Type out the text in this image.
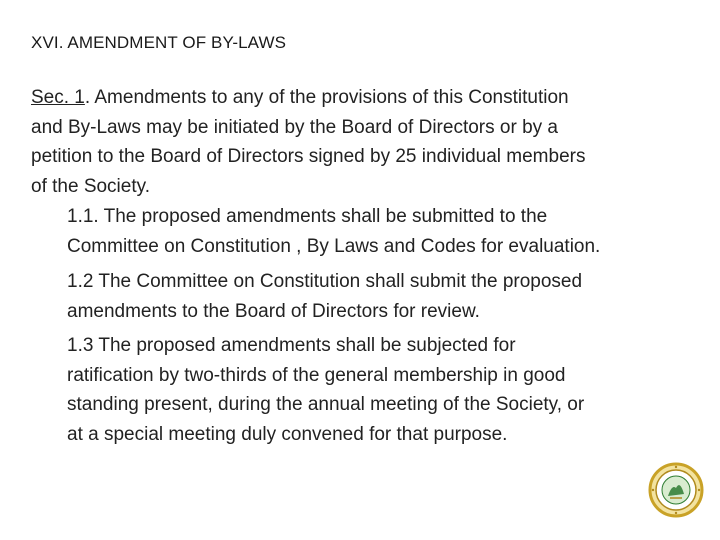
XVI. AMENDMENT OF BY-LAWS
Sec. 1. Amendments to any of the provisions of this Constitution
and By-Laws may be initiated by the Board of Directors or by a
petition to the Board of Directors signed by 25 individual members
of the Society.
1.1. The proposed amendments shall be submitted to the
Committee on Constitution , By Laws and Codes for evaluation.
1.2 The Committee on Constitution shall submit the proposed
amendments to the Board of Directors for review.
1.3 The proposed amendments shall be subjected for
ratification by two-thirds of the general membership in good
standing present, during the annual meeting of the Society, or
at a special meeting duly convened for that purpose.
